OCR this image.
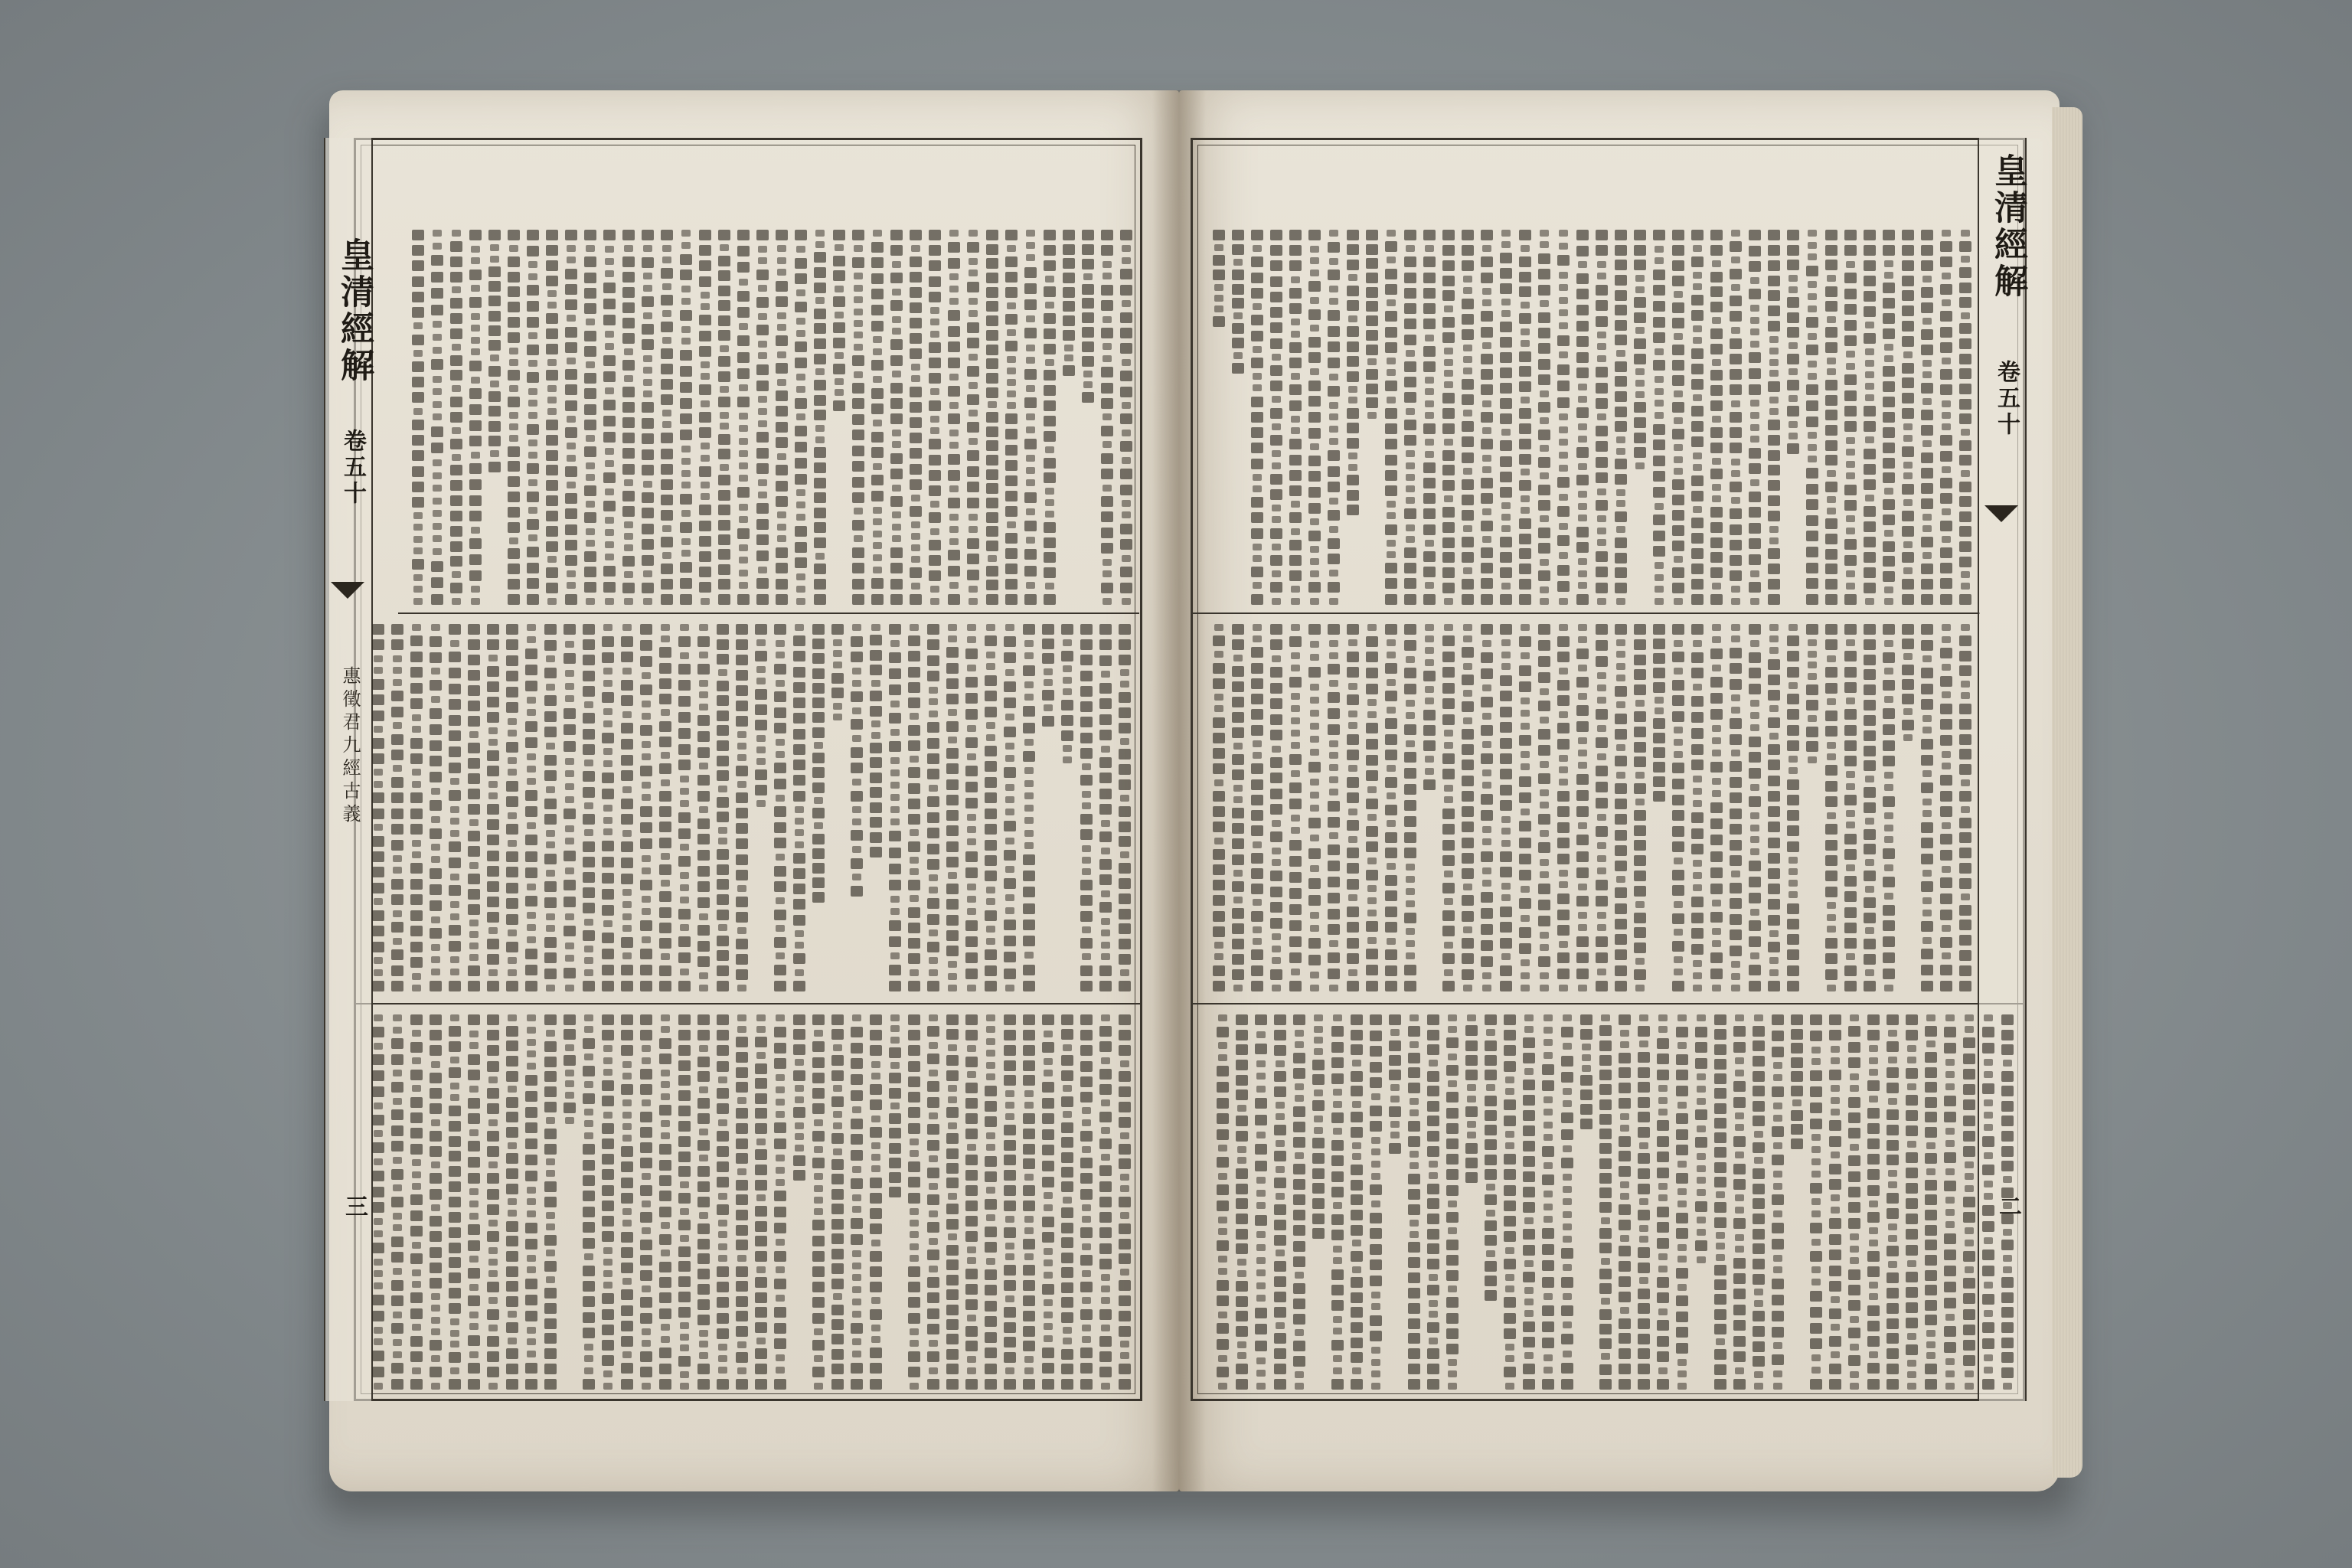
皇清經解
卷五十
惠徵君九經古義
三
皇清經解
卷五十
